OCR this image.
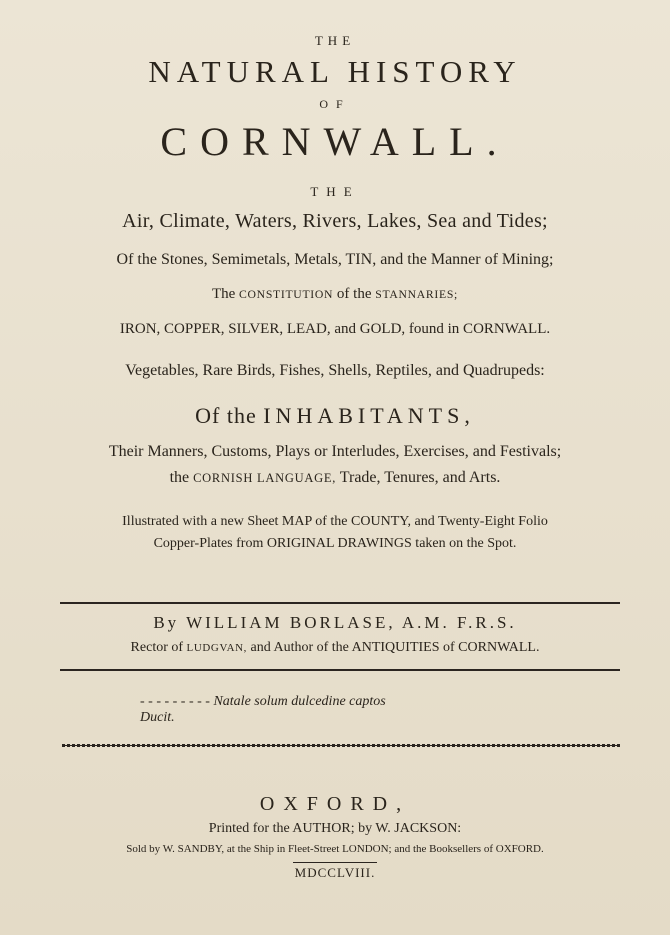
THE
NATURAL HISTORY
OF
CORNWALL.
THE
Air, Climate, Waters, Rivers, Lakes, Sea and Tides;
Of the Stones, Semimetals, Metals, TIN, and the Manner of Mining;
The CONSTITUTION of the STANNARIES;
IRON, COPPER, SILVER, LEAD, and GOLD, found in CORNWALL.
Vegetables, Rare Birds, Fishes, Shells, Reptiles, and Quadrupeds:
Of the INHABITANTS,
Their Manners, Customs, Plays or Interludes, Exercises, and Festivals;
the CORNISH LANGUAGE, Trade, Tenures, and Arts.
Illustrated with a new Sheet MAP of the COUNTY, and Twenty-Eight Folio
Copper-Plates from ORIGINAL DRAWINGS taken on the Spot.
By WILLIAM BORLASE, A.M. F.R.S.
Rector of LUDGVAN, and Author of the ANTIQUITIES of CORNWALL.
- - - - - - - - - Natale solum dulcedine captos
Ducit.
OXFORD,
Printed for the AUTHOR; by W. JACKSON:
Sold by W. SANDBY, at the Ship in Fleet-Street LONDON; and the Booksellers of OXFORD.
MDCCLVIII.
